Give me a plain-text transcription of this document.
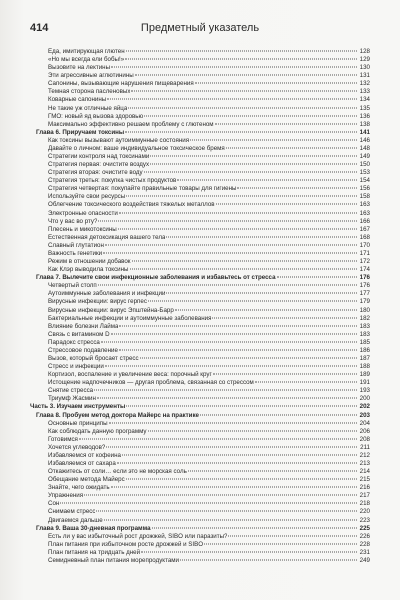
414	Предметный указатель
Еда, имитирующая глютен	128
«Но мы всегда ели бобы!»	129
Вызовите на лектины	130
Эти агрессивные аглютинины	131
Сапонины, вызывающие нарушения пищеварения	132
Темная сторона пасленовых	133
Коварные сапонины	134
Не такие уж отличные яйца	135
ГМО: новый яд вызова здоровью	136
Максимально эффективно решаем проблему с глютеном	138
Глава 6. Приручаем токсины	141
Как токсины вызывают аутоиммунные состояния	146
Давайте о личном: ваше индивидуальное токсическое бремя	148
Стратегии контроля над токсинами	149
Стратегия первая: очистите воздух	150
Стратегия вторая: очистите воду	153
Стратегия третья: покупка чистых продуктов	154
Стратегия четвертая: покупайте правильные товары для гигиены	156
Используйте свои ресурсы	158
Облегчение токсического воздействия тяжелых металлов	163
Электронные опасности	163
Что у вас во рту?	166
Плесень и микотоксины	167
Естественная детоксикация вашего тела	168
Славный глутатион	170
Важность генетики	171
Режим в отношении добавок	172
Как Клэр выводила токсины	174
Глава 7. Вылечите свои инфекционные заболевания и избавьтесь от стресса	176
Четвертый столп	176
Аутоиммунные заболевания и инфекции	177
Вирусные инфекции: вирус герпес	179
Вирусные инфекции: вирус Эпштейна-Барр	180
Бактериальные инфекции и аутоиммунные заболевания	182
Влияние болезни Лайма	183
Связь с витамином D	183
Парадокс стресса	185
Стрессовое подавление	186
Вызов, который бросает стресс	187
Стресс и инфекции	188
Кортизол, воспаление и увеличение веса: порочный круг	189
Истощение надпочечников — другая проблема, связанная со стрессом	191
Снятие стресса	193
Триумф Жасмин	200
Часть 3. Изучаем инструменты	202
Глава 8. Пробуем метод доктора Майерс на практике	203
Основные принципы	204
Как соблюдать данную программу	206
Готовимся	208
Хочется углеводов?	211
Избавляемся от кофеина	212
Избавляемся от сахара	213
Откажитесь от соли… если это не морская соль	214
Обещание метода Майерс	215
Знайте, чего ожидать	216
Упражнения	217
Сон	218
Снимаем стресс	220
Двигаемся дальше	223
Глава 9. Ваша 30-дневная программа	225
Есть ли у вас избыточный рост дрожжей, SIBO или паразиты?	226
План питания при избыточном росте дрожжей и SIBO	228
План питания на тридцать дней	231
Семидневный план питания морепродуктами	249
